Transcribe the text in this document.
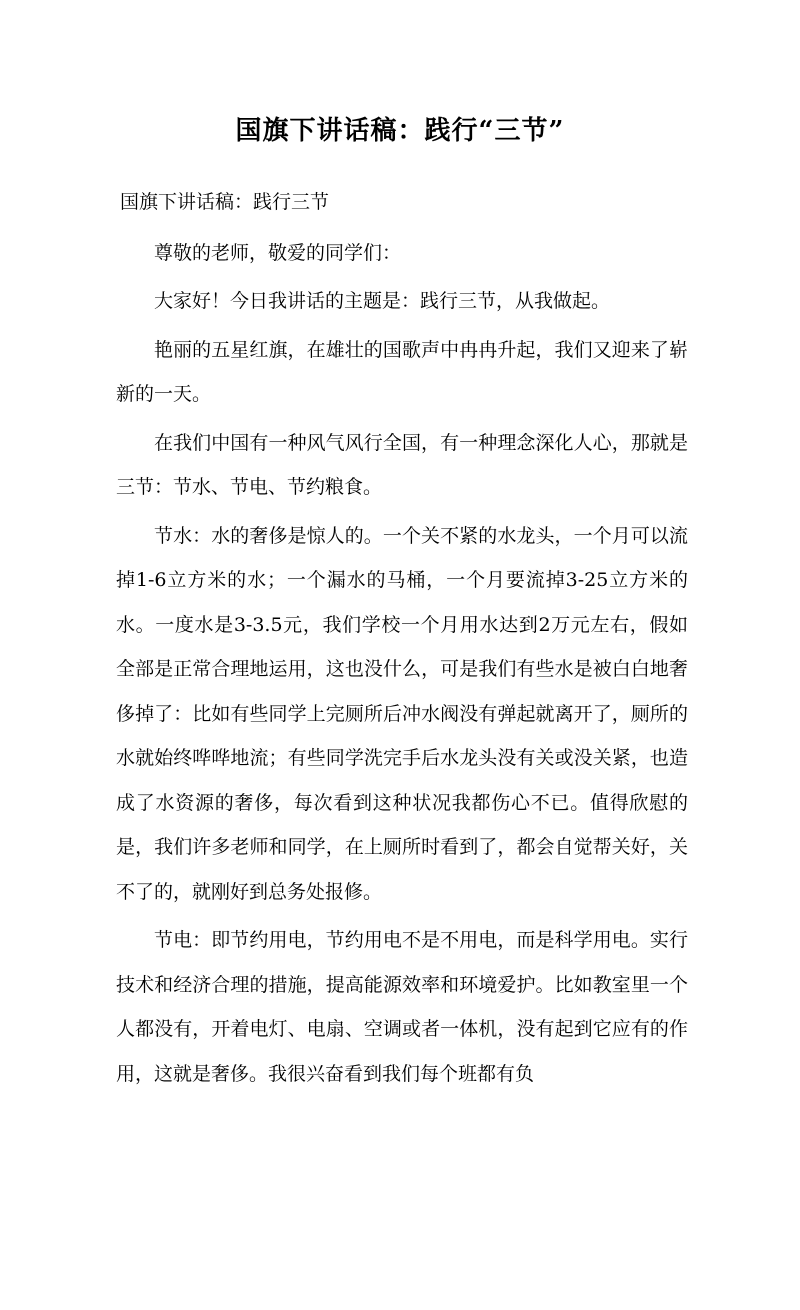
国旗下讲话稿：践行“三节”

国旗下讲话稿：践行三节

尊敬的老师，敬爱的同学们：

大家好！今日我讲话的主题是：践行三节，从我做起。

艳丽的五星红旗，在雄壮的国歌声中冉冉升起，我们又迎来了崭新的一天。

在我们中国有一种风气风行全国，有一种理念深化人心，那就是三节：节水、节电、节约粮食。

节水：水的奢侈是惊人的。一个关不紧的水龙头，一个月可以流掉1-6立方米的水；一个漏水的马桶，一个月要流掉3-25立方米的水。一度水是3-3.5元，我们学校一个月用水达到2万元左右，假如全部是正常合理地运用，这也没什么，可是我们有些水是被白白地奢侈掉了：比如有些同学上完厕所后冲水阀没有弹起就离开了，厕所的水就始终哗哗地流；有些同学洗完手后水龙头没有关或没关紧，也造成了水资源的奢侈，每次看到这种状况我都伤心不已。值得欣慰的是，我们许多老师和同学，在上厕所时看到了，都会自觉帮关好，关不了的，就刚好到总务处报修。

节电：即节约用电，节约用电不是不用电，而是科学用电。实行技术和经济合理的措施，提高能源效率和环境爱护。比如教室里一个人都没有，开着电灯、电扇、空调或者一体机，没有起到它应有的作用，这就是奢侈。我很兴奋看到我们每个班都有负
